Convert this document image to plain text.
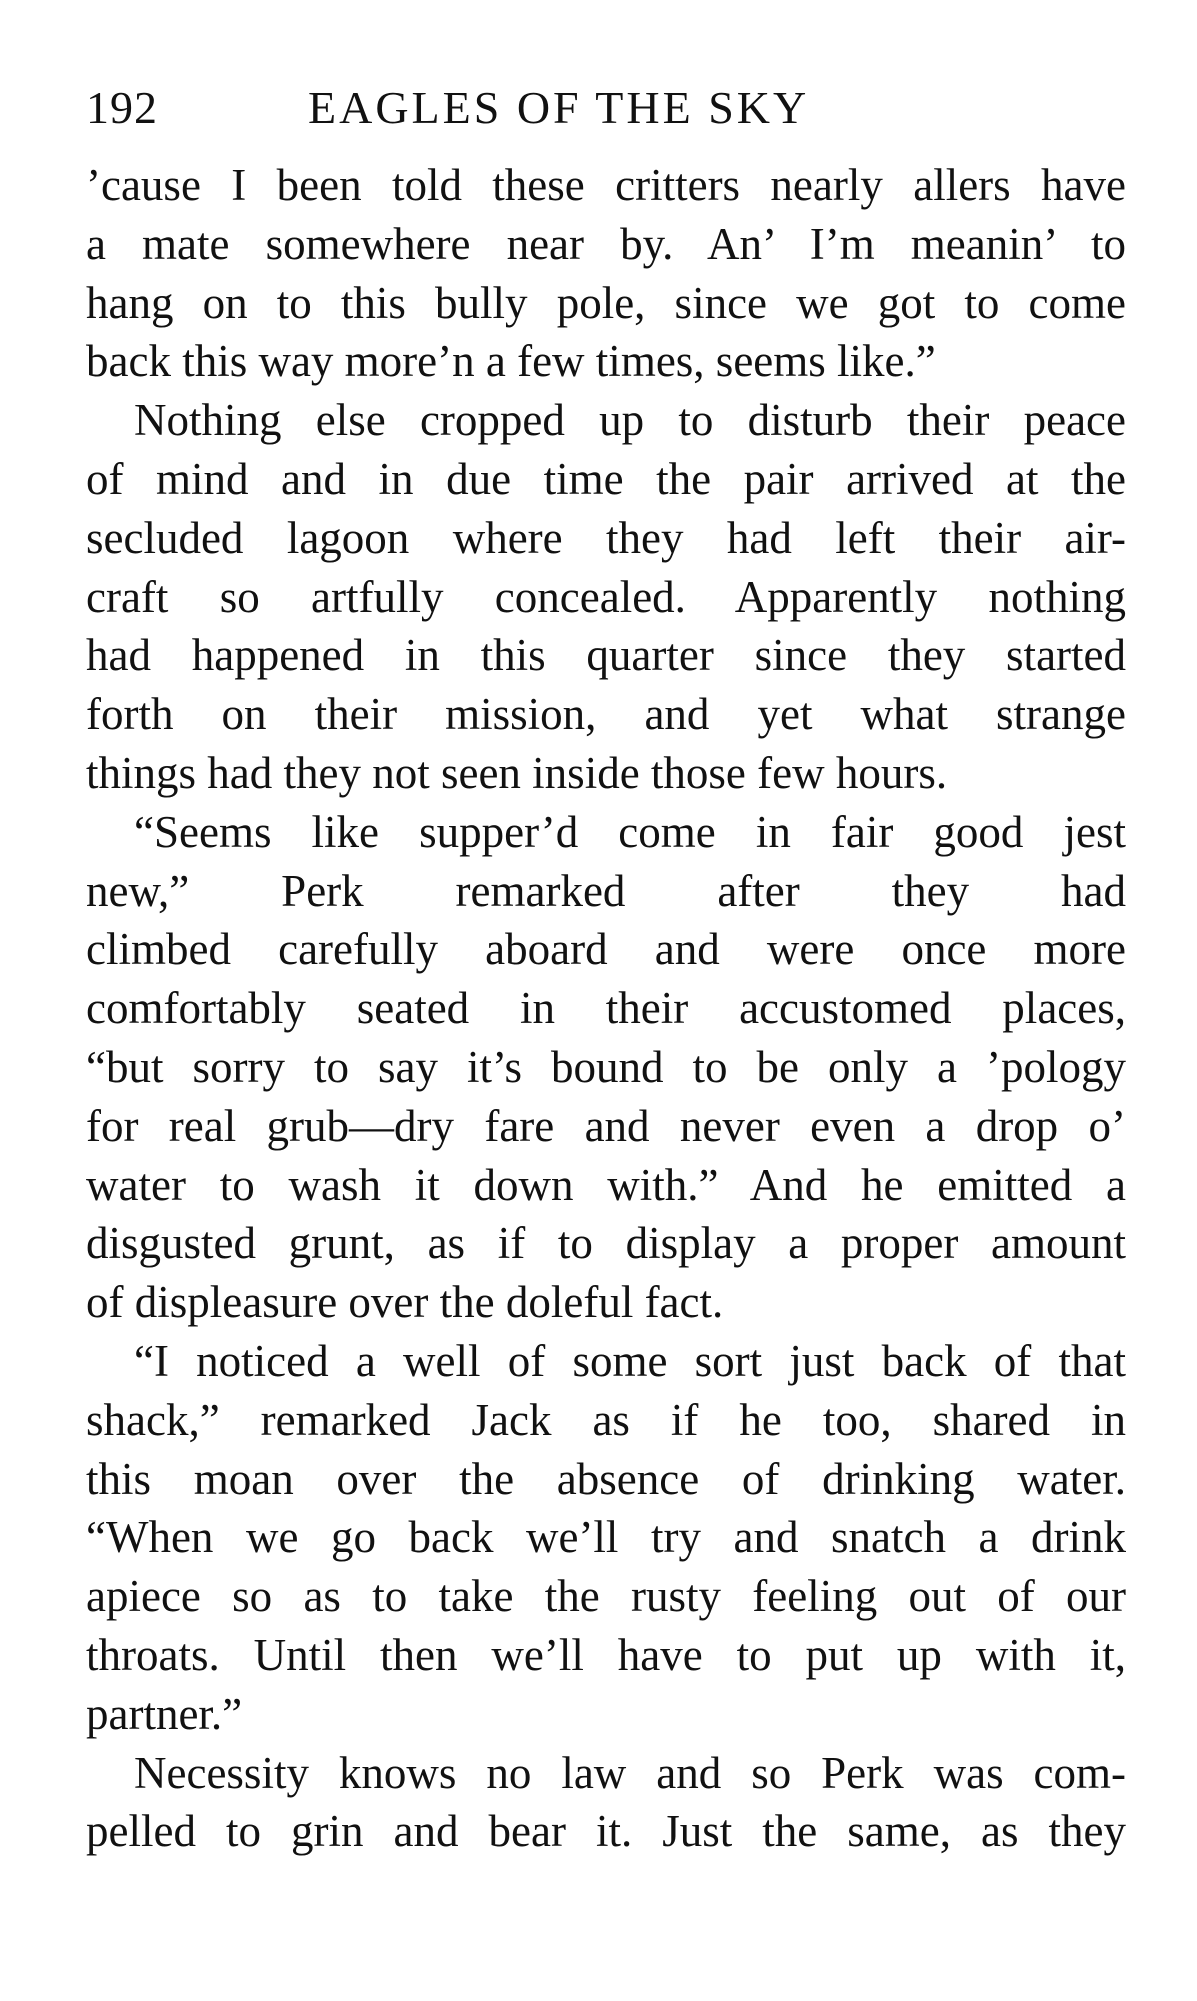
192	EAGLES OF THE SKY
’cause I been told these critters nearly allers have
a mate somewhere near by. An’ I’m meanin’ to
hang on to this bully pole, since we got to come
back this way more’n a few times, seems like.”
Nothing else cropped up to disturb their peace
of mind and in due time the pair arrived at the
secluded lagoon where they had left their air-
craft so artfully concealed. Apparently nothing
had happened in this quarter since they started
forth on their mission, and yet what strange
things had they not seen inside those few hours.
“Seems like supper’d come in fair good jest
new,” Perk remarked after they had
climbed carefully aboard and were once more
comfortably seated in their accustomed places,
“but sorry to say it’s bound to be only a ’pology
for real grub—dry fare and never even a drop o’
water to wash it down with.” And he emitted a
disgusted grunt, as if to display a proper amount
of displeasure over the doleful fact.
“I noticed a well of some sort just back of that
shack,” remarked Jack as if he too, shared in
this moan over the absence of drinking water.
“When we go back we’ll try and snatch a drink
apiece so as to take the rusty feeling out of our
throats. Until then we’ll have to put up with it,
partner.”
Necessity knows no law and so Perk was com-
pelled to grin and bear it. Just the same, as they
